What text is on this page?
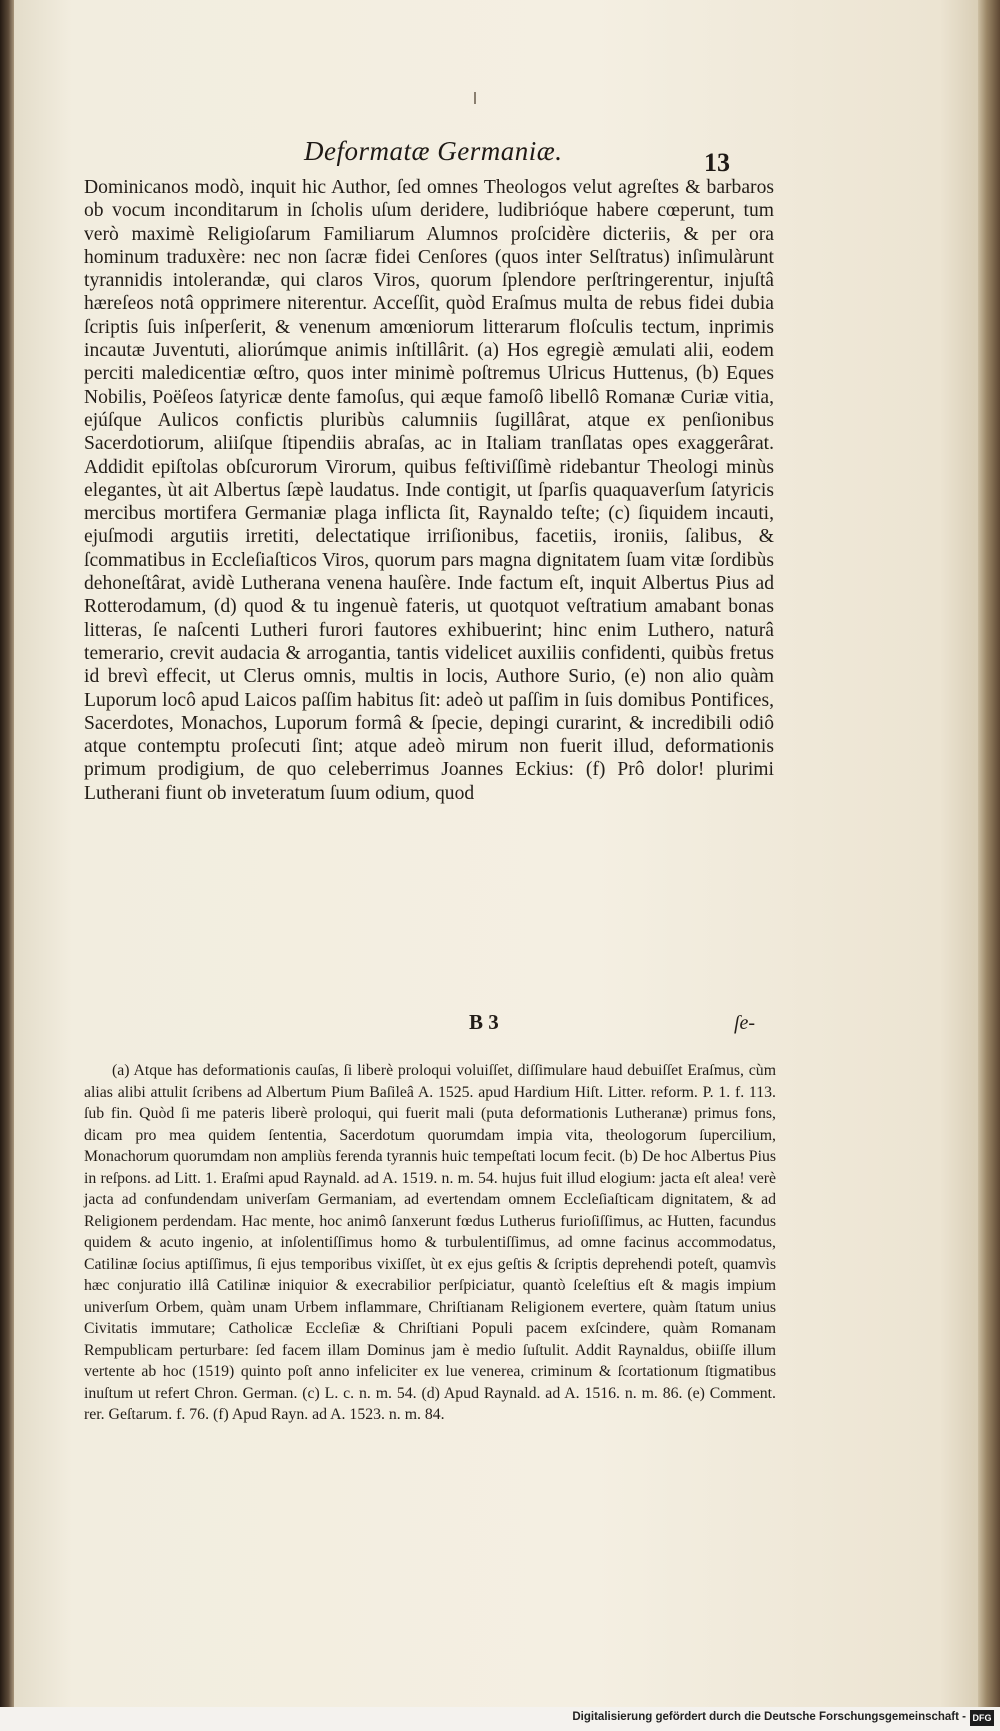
Deformatæ Germaniæ.	13

Dominicanos modò, inquit hic Author, ſed omnes Theologos velut agreſtes & barbaros ob vocum inconditarum in ſcholis uſum deridere, ludibrióque habere cœperunt, tum verò maximè Religioſarum Familiarum Alumnos proſcidère dicteriis, & per ora hominum traduxère: nec non ſacræ fidei Cenſores (quos inter Selſtratus) inſimulàrunt tyrannidis intolerandæ, qui claros Viros, quorum ſplendore perſtringerentur, injuſtâ hæreſeos notâ opprimere niterentur. Acceſſit, quòd Eraſmus multa de rebus fidei dubia ſcriptis ſuis inſperſerit, & venenum amœniorum litterarum floſculis tectum, inprimis incautæ Juventuti, aliorúmque animis inſtillârit. (a) Hos egregiè æmulati alii, eodem perciti maledicentiæ œſtro, quos inter minimè poſtremus Ulricus Huttenus, (b) Eques Nobilis, Poëſeos ſatyricæ dente famoſus, qui æque famoſô libellô Romanæ Curiæ vitia, ejúſque Aulicos confictis pluribùs calumniis ſugillârat, atque ex penſionibus Sacerdotiorum, aliiſque ſtipendiis abraſas, ac in Italiam tranſlatas opes exaggerârat. Addidit epiſtolas obſcurorum Virorum, quibus feſtiviſſimè ridebantur Theologi minùs elegantes, ùt ait Albertus ſæpè laudatus. Inde contigit, ut ſparſis quaquaverſum ſatyricis mercibus mortifera Germaniæ plaga inflicta ſit, Raynaldo teſte; (c) ſiquidem incauti, ejuſmodi argutiis irretiti, delectatique irriſionibus, facetiis, ironiis, ſalibus, & ſcommatibus in Eccleſiaſticos Viros, quorum pars magna dignitatem ſuam vitæ ſordibùs dehoneſtârat, avidè Lutherana venena hauſère. Inde factum eſt, inquit Albertus Pius ad Rotterodamum, (d) quod & tu ingenuè fateris, ut quotquot veſtratium amabant bonas litteras, ſe naſcenti Lutheri furori fautores exhibuerint; hinc enim Luthero, naturâ temerario, crevit audacia & arrogantia, tantis videlicet auxiliis confidenti, quibùs fretus id brevì effecit, ut Clerus omnis, multis in locis, Authore Surio, (e) non alio quàm Luporum locô apud Laicos paſſim habitus ſit: adeò ut paſſim in ſuis domibus Pontifices, Sacerdotes, Monachos, Luporum formâ & ſpecie, depingi curarint, & incredibili odiô atque contemptu proſecuti ſint; atque adeò mirum non fuerit illud, deformationis primum prodigium, de quo celeberrimus Joannes Eckius: (f) Prô dolor! plurimi Lutherani fiunt ob inveteratum ſuum odium, quod

B 3	ſe-

(a) Atque has deformationis cauſas, ſi liberè proloqui voluiſſet, diſſimulare haud debuiſſet Eraſmus, cùm alias alibi attulit ſcribens ad Albertum Pium Baſileâ A. 1525. apud Hardium Hiſt. Litter. reform. P. 1. f. 113. ſub fin. Quòd ſi me pateris liberè proloqui, qui fuerit mali (puta deformationis Lutheranæ) primus fons, dicam pro mea quidem ſententia, Sacerdotum quorumdam impia vita, theologorum ſupercilium, Monachorum quorumdam non ampliùs ferenda tyrannis huic tempeſtati locum fecit. (b) De hoc Albertus Pius in reſpons. ad Litt. 1. Eraſmi apud Raynald. ad A. 1519. n. m. 54. hujus fuit illud elogium: jacta eſt alea! verè jacta ad confundendam univerſam Germaniam, ad evertendam omnem Eccleſiaſticam dignitatem, & ad Religionem perdendam. Hac mente, hoc animô ſanxerunt fœdus Lutherus furioſiſſimus, ac Hutten, facundus quidem & acuto ingenio, at inſolentiſſimus homo & turbulentiſſimus, ad omne facinus accommodatus, Catilinæ ſocius aptiſſimus, ſi ejus temporibus vixiſſet, ùt ex ejus geſtis & ſcriptis deprehendi poteſt, quamvìs hæc conjuratio illâ Catilinæ iniquior & execrabilior perſpiciatur, quantò ſceleſtius eſt & magis impium univerſum Orbem, quàm unam Urbem inflammare, Chriſtianam Religionem evertere, quàm ſtatum unius Civitatis immutare; Catholicæ Eccleſiæ & Chriſtiani Populi pacem exſcindere, quàm Romanam Rempublicam perturbare: ſed facem illam Dominus jam è medio ſuſtulit. Addit Raynaldus, obiiſſe illum vertente ab hoc (1519) quinto poſt anno infeliciter ex lue venerea, criminum & ſcortationum ſtigmatibus inuſtum ut refert Chron. German. (c) L. c. n. m. 54. (d) Apud Raynald. ad A. 1516. n. m. 86. (e) Comment. rer. Geſtarum. f. 76. (f) Apud Rayn. ad A. 1523. n. m. 84.

Digitalisierung gefördert durch die Deutsche Forschungsgemeinschaft - DFG
